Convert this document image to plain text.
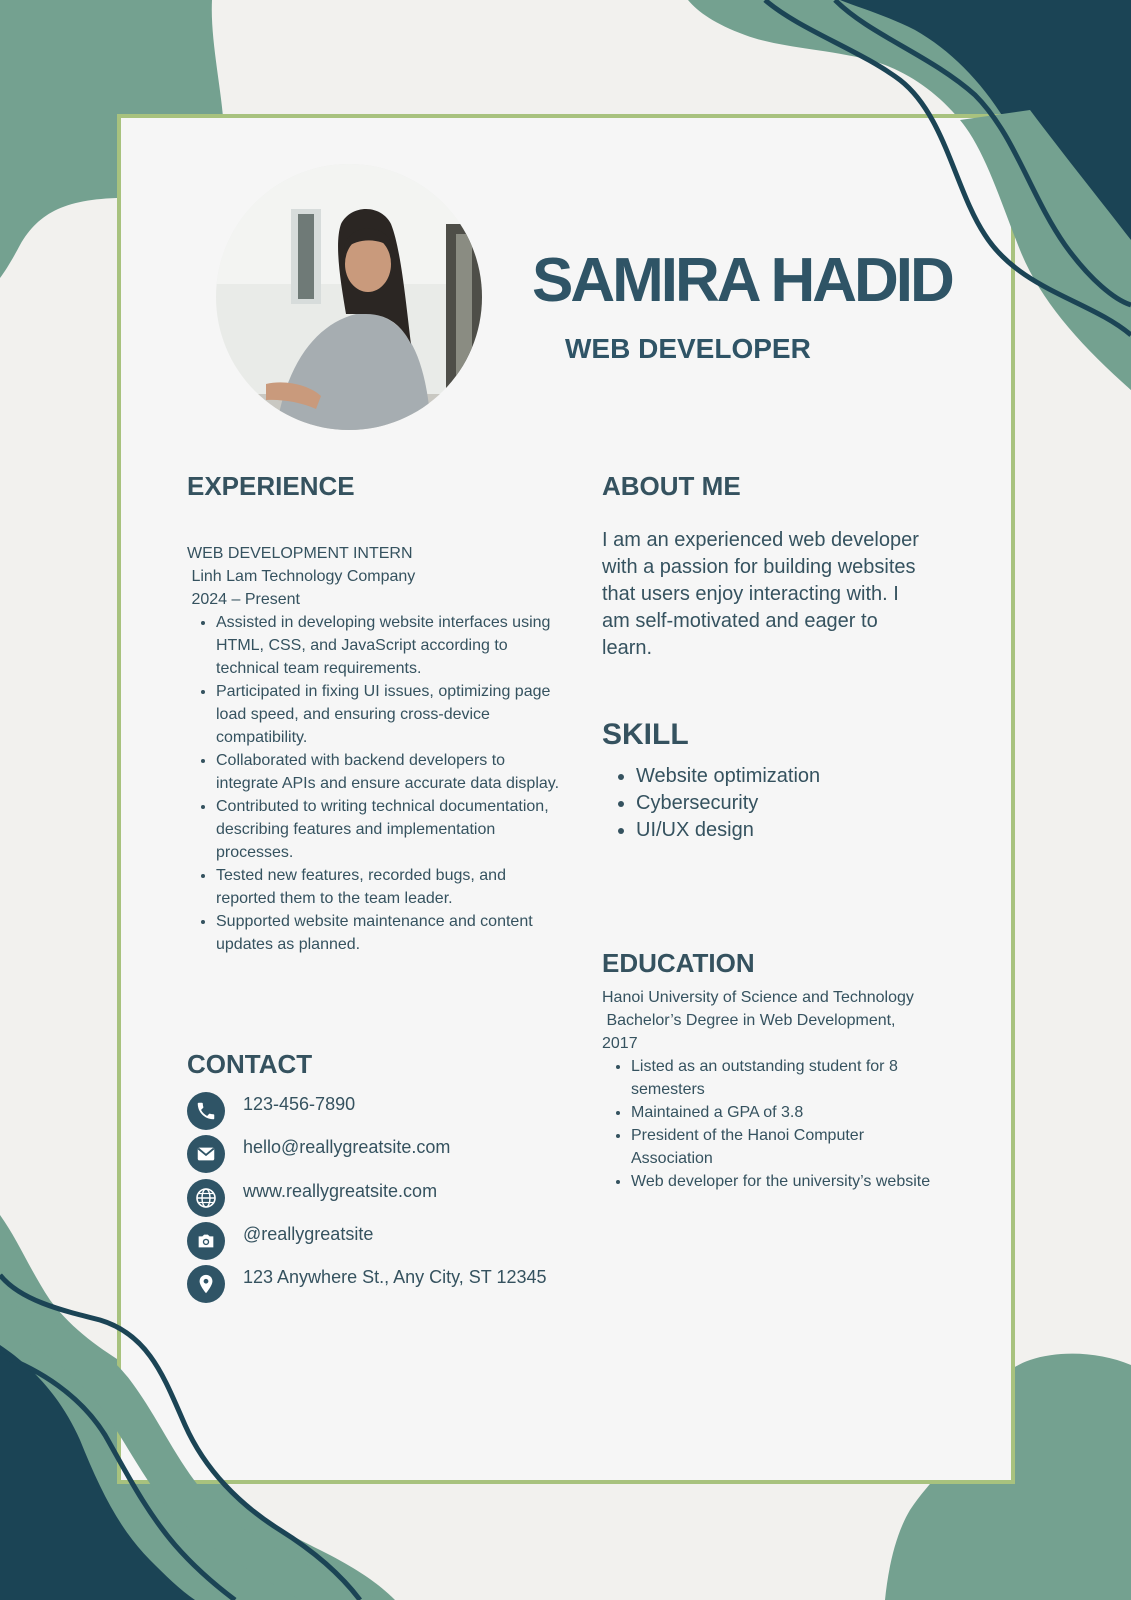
SAMIRA HADID
WEB DEVELOPER
EXPERIENCE
WEB DEVELOPMENT INTERN
Linh Lam Technology Company
2024 – Present
• Assisted in developing website interfaces using HTML, CSS, and JavaScript according to technical team requirements.
• Participated in fixing UI issues, optimizing page load speed, and ensuring cross-device compatibility.
• Collaborated with backend developers to integrate APIs and ensure accurate data display.
• Contributed to writing technical documentation, describing features and implementation processes.
• Tested new features, recorded bugs, and reported them to the team leader.
• Supported website maintenance and content updates as planned.
ABOUT ME
I am an experienced web developer with a passion for building websites that users enjoy interacting with. I am self-motivated and eager to learn.
SKILL
• Website optimization
• Cybersecurity
• UI/UX design
EDUCATION
Hanoi University of Science and Technology
Bachelor’s Degree in Web Development, 2017
• Listed as an outstanding student for 8 semesters
• Maintained a GPA of 3.8
• President of the Hanoi Computer Association
• Web developer for the university’s website
CONTACT
123-456-7890
hello@reallygreatsite.com
www.reallygreatsite.com
@reallygreatsite
123 Anywhere St., Any City, ST 12345
